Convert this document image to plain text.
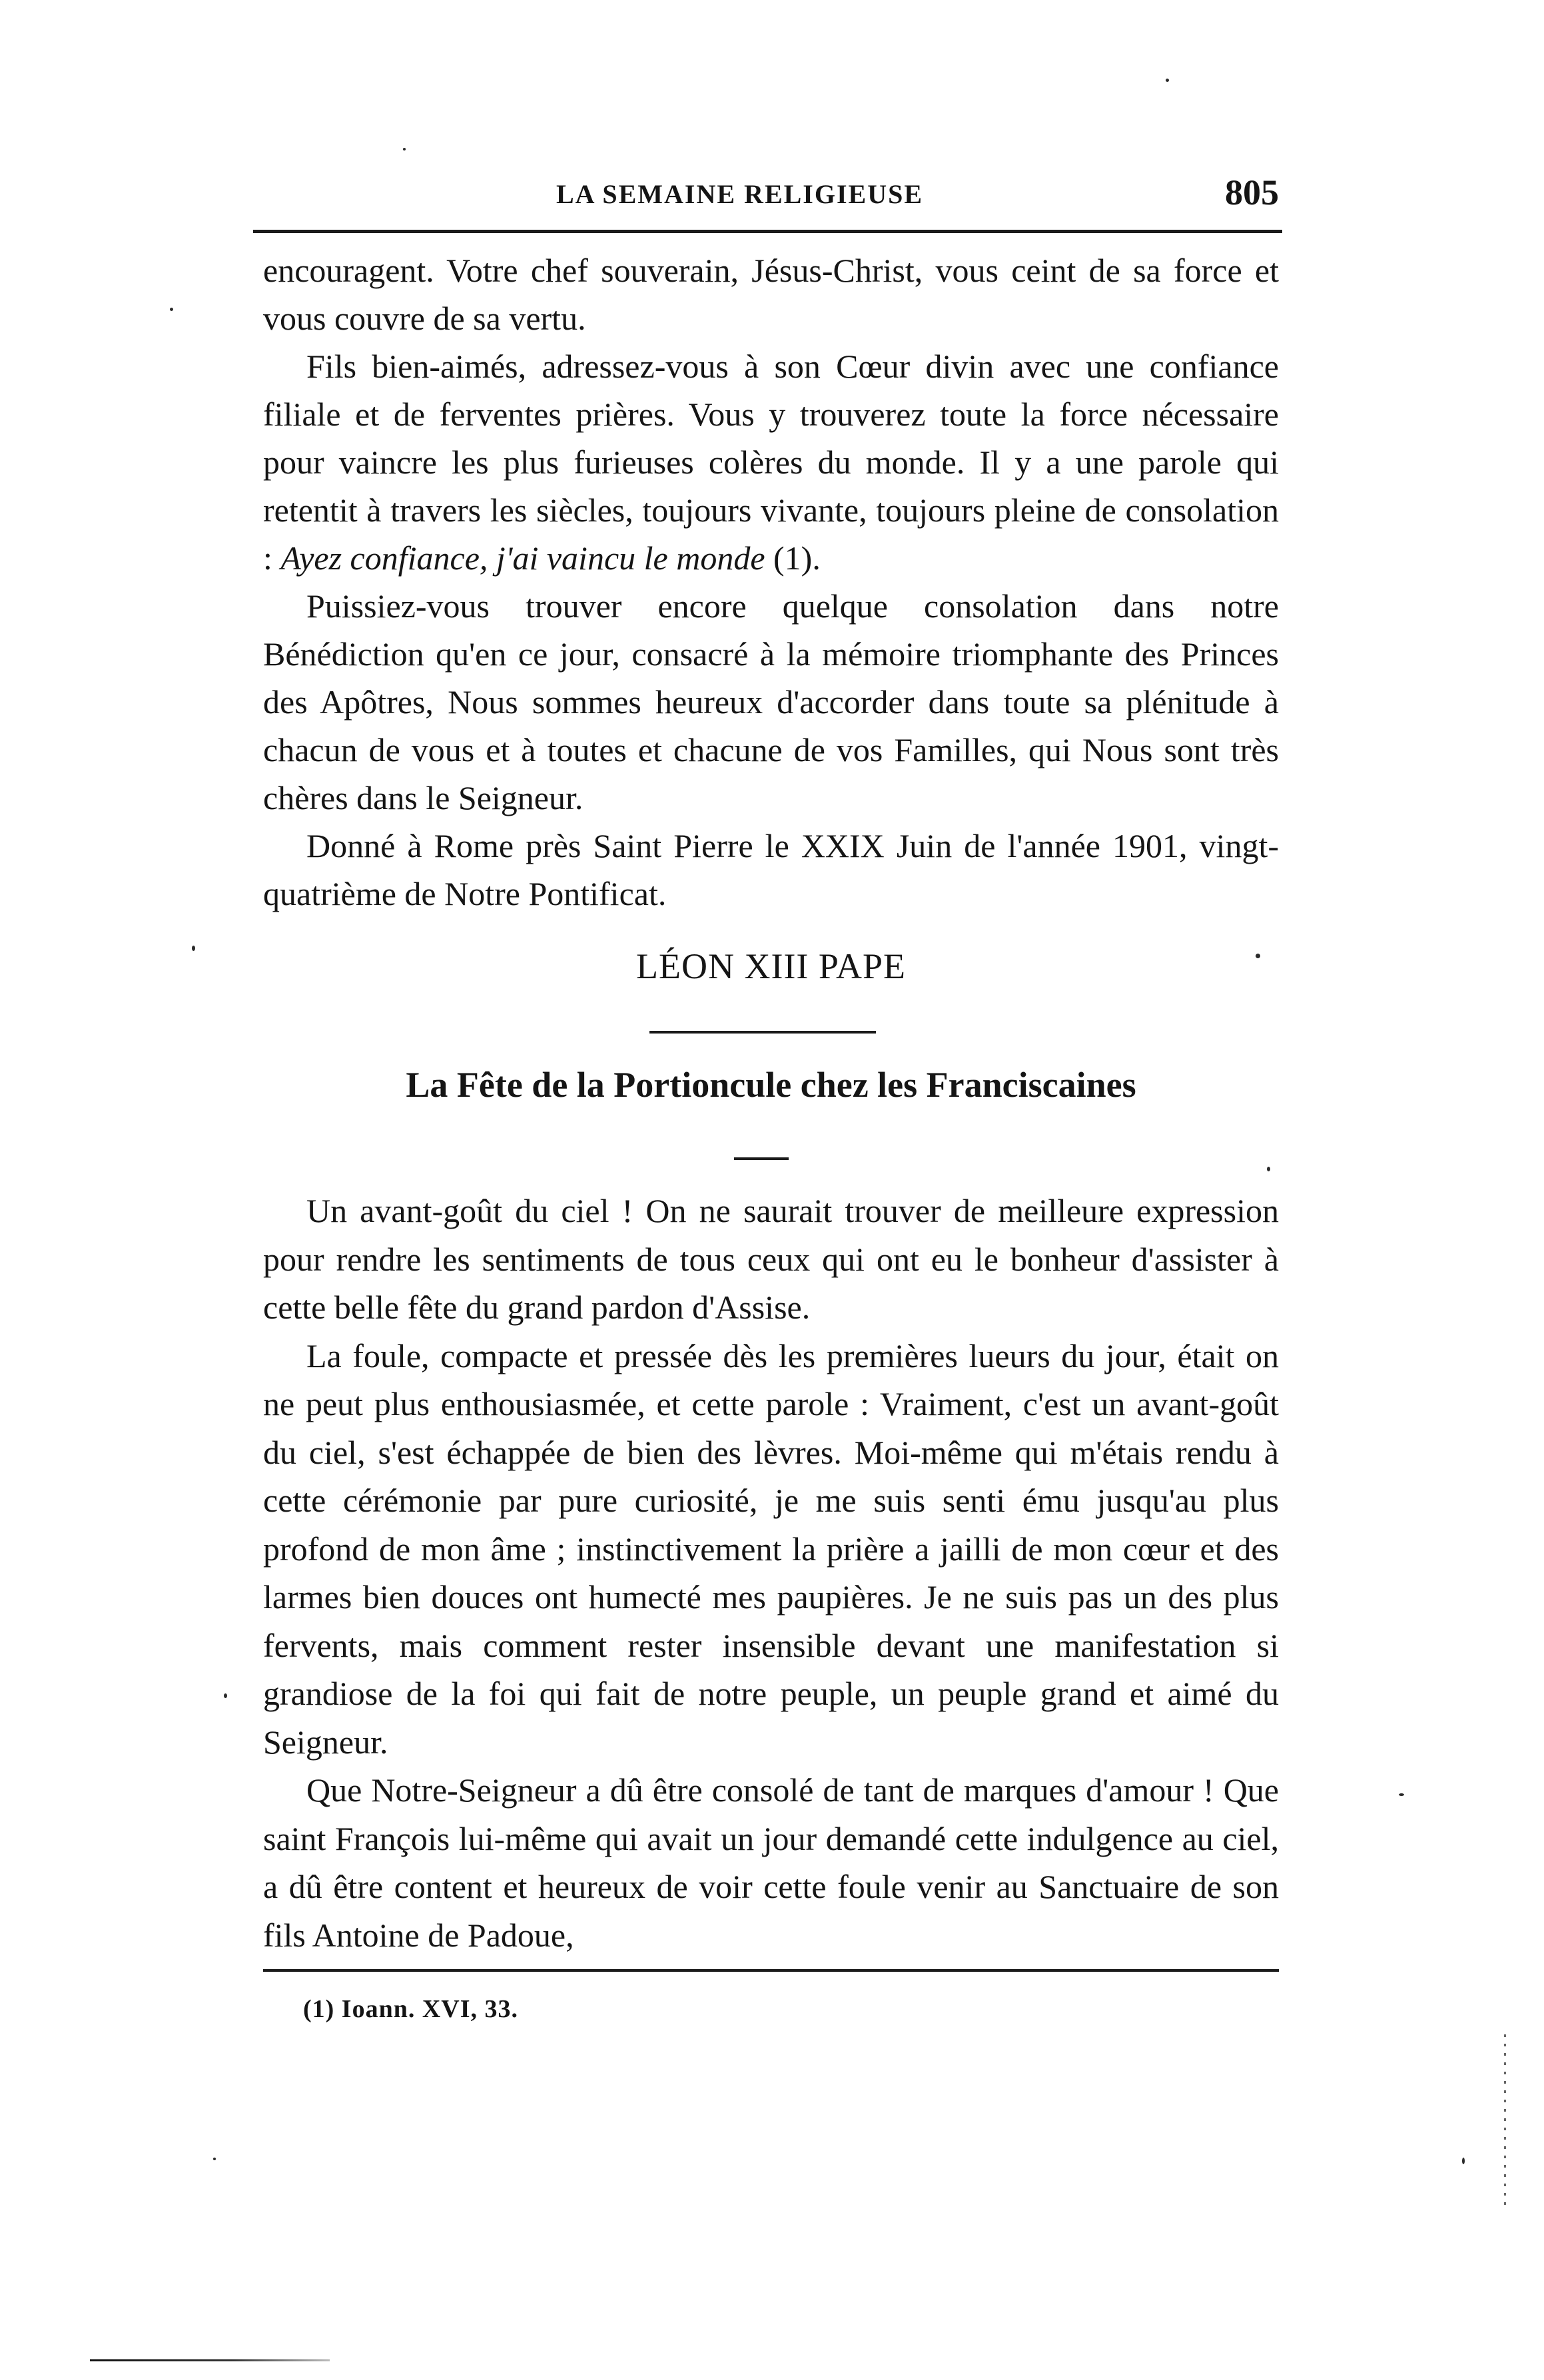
LA SEMAINE RELIGIEUSE	805

encouragent. Votre chef souverain, Jésus-Christ, vous ceint de sa force et vous couvre de sa vertu.

Fils bien-aimés, adressez-vous à son Cœur divin avec une confiance filiale et de ferventes prières. Vous y trouverez toute la force nécessaire pour vaincre les plus furieuses colères du monde. Il y a une parole qui retentit à travers les siècles, toujours vivante, toujours pleine de consolation : Ayez confiance, j'ai vaincu le monde (1).

Puissiez-vous trouver encore quelque consolation dans notre Bénédiction qu'en ce jour, consacré à la mémoire triomphante des Princes des Apôtres, Nous sommes heureux d'accorder dans toute sa plénitude à chacun de vous et à toutes et chacune de vos Familles, qui Nous sont très chères dans le Seigneur.

Donné à Rome près Saint Pierre le XXIX Juin de l'année 1901, vingt-quatrième de Notre Pontificat.

LÉON XIII PAPE
La Fête de la Portioncule chez les Franciscaines

Un avant-goût du ciel ! On ne saurait trouver de meilleure expression pour rendre les sentiments de tous ceux qui ont eu le bonheur d'assister à cette belle fête du grand pardon d'Assise.

La foule, compacte et pressée dès les premières lueurs du jour, était on ne peut plus enthousiasmée, et cette parole : Vraiment, c'est un avant-goût du ciel, s'est échappée de bien des lèvres. Moi-même qui m'étais rendu à cette cérémonie par pure curiosité, je me suis senti ému jusqu'au plus profond de mon âme ; instinctivement la prière a jailli de mon cœur et des larmes bien douces ont humecté mes paupières. Je ne suis pas un des plus fervents, mais comment rester insensible devant une manifestation si grandiose de la foi qui fait de notre peuple, un peuple grand et aimé du Seigneur.

Que Notre-Seigneur a dû être consolé de tant de marques d'amour ! Que saint François lui-même qui avait un jour demandé cette indulgence au ciel, a dû être content et heureux de voir cette foule venir au Sanctuaire de son fils Antoine de Padoue,

(1) Ioann. XVI, 33.
